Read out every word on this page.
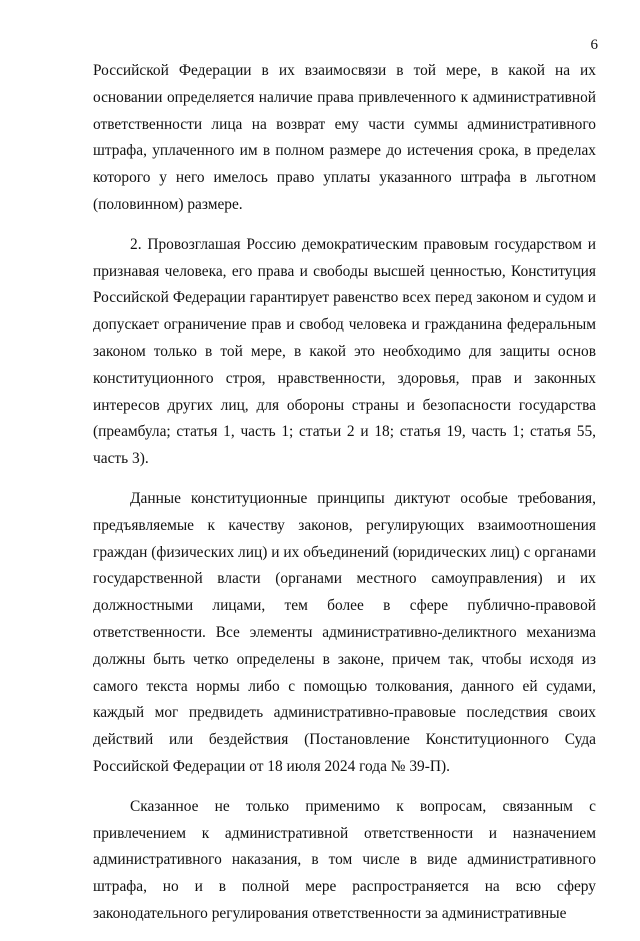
6

Российской Федерации в их взаимосвязи в той мере, в какой на их основании определяется наличие права привлеченного к административной ответственности лица на возврат ему части суммы административного штрафа, уплаченного им в полном размере до истечения срока, в пределах которого у него имелось право уплаты указанного штрафа в льготном (половинном) размере.

2. Провозглашая Россию демократическим правовым государством и признавая человека, его права и свободы высшей ценностью, Конституция Российской Федерации гарантирует равенство всех перед законом и судом и допускает ограничение прав и свобод человека и гражданина федеральным законом только в той мере, в какой это необходимо для защиты основ конституционного строя, нравственности, здоровья, прав и законных интересов других лиц, для обороны страны и безопасности государства (преамбула; статья 1, часть 1; статьи 2 и 18; статья 19, часть 1; статья 55, часть 3).

Данные конституционные принципы диктуют особые требования, предъявляемые к качеству законов, регулирующих взаимоотношения граждан (физических лиц) и их объединений (юридических лиц) с органами государственной власти (органами местного самоуправления) и их должностными лицами, тем более в сфере публично-правовой ответственности. Все элементы административно-деликтного механизма должны быть четко определены в законе, причем так, чтобы исходя из самого текста нормы либо с помощью толкования, данного ей судами, каждый мог предвидеть административно-правовые последствия своих действий или бездействия (Постановление Конституционного Суда Российской Федерации от 18 июля 2024 года № 39-П).

Сказанное не только применимо к вопросам, связанным с привлечением к административной ответственности и назначением административного наказания, в том числе в виде административного штрафа, но и в полной мере распространяется на всю сферу законодательного регулирования ответственности за административные
